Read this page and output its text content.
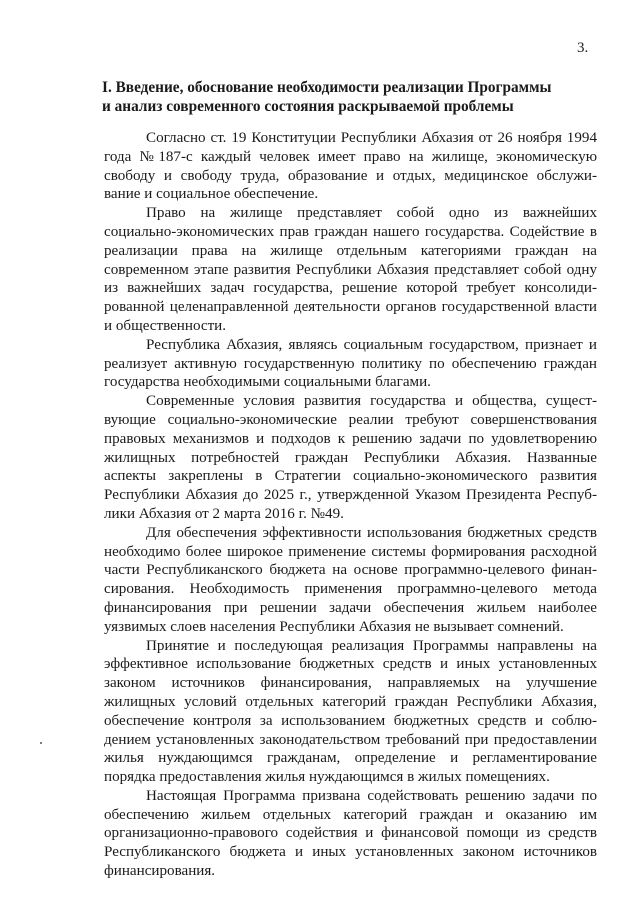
3.
I. Введение, обоснование необходимости реализации Программы
и анализ современного состояния раскрываемой проблемы
Согласно ст. 19 Конституции Республики Абхазия от 26 ноября 1994
года №187-с каждый человек имеет право на жилище, экономическую
свободу и свободу труда, образование и отдых, медицинское обслужи-
вание и социальное обеспечение.
Право на жилище представляет собой одно из важнейших
социально-экономических прав граждан нашего государства. Содействие в
реализации права на жилище отдельным категориями граждан на
современном этапе развития Республики Абхазия представляет собой одну
из важнейших задач государства, решение которой требует консолиди-
рованной целенаправленной деятельности органов государственной власти
и общественности.
Республика Абхазия, являясь социальным государством, признает и
реализует активную государственную политику по обеспечению граждан
государства необходимыми социальными благами.
Современные условия развития государства и общества, сущест-
вующие социально-экономические реалии требуют совершенствования
правовых механизмов и подходов к решению задачи по удовлетворению
жилищных потребностей граждан Республики Абхазия. Названные
аспекты закреплены в Стратегии социально-экономического развития
Республики Абхазия до 2025 г., утвержденной Указом Президента Респуб-
лики Абхазия от 2 марта 2016 г. №49.
Для обеспечения эффективности использования бюджетных средств
необходимо более широкое применение системы формирования расходной
части Республиканского бюджета на основе программно-целевого финан-
сирования. Необходимость применения программно-целевого метода
финансирования при решении задачи обеспечения жильем наиболее
уязвимых слоев населения Республики Абхазия не вызывает сомнений.
Принятие и последующая реализация Программы направлены на
эффективное использование бюджетных средств и иных установленных
законом источников финансирования, направляемых на улучшение
жилищных условий отдельных категорий граждан Республики Абхазия,
обеспечение контроля за использованием бюджетных средств и соблю-
дением установленных законодательством требований при предоставлении
жилья нуждающимся гражданам, определение и регламентирование
порядка предоставления жилья нуждающимся в жилых помещениях.
Настоящая Программа призвана содействовать решению задачи по
обеспечению жильем отдельных категорий граждан и оказанию им
организационно-правового содействия и финансовой помощи из средств
Республиканского бюджета и иных установленных законом источников
финансирования.
